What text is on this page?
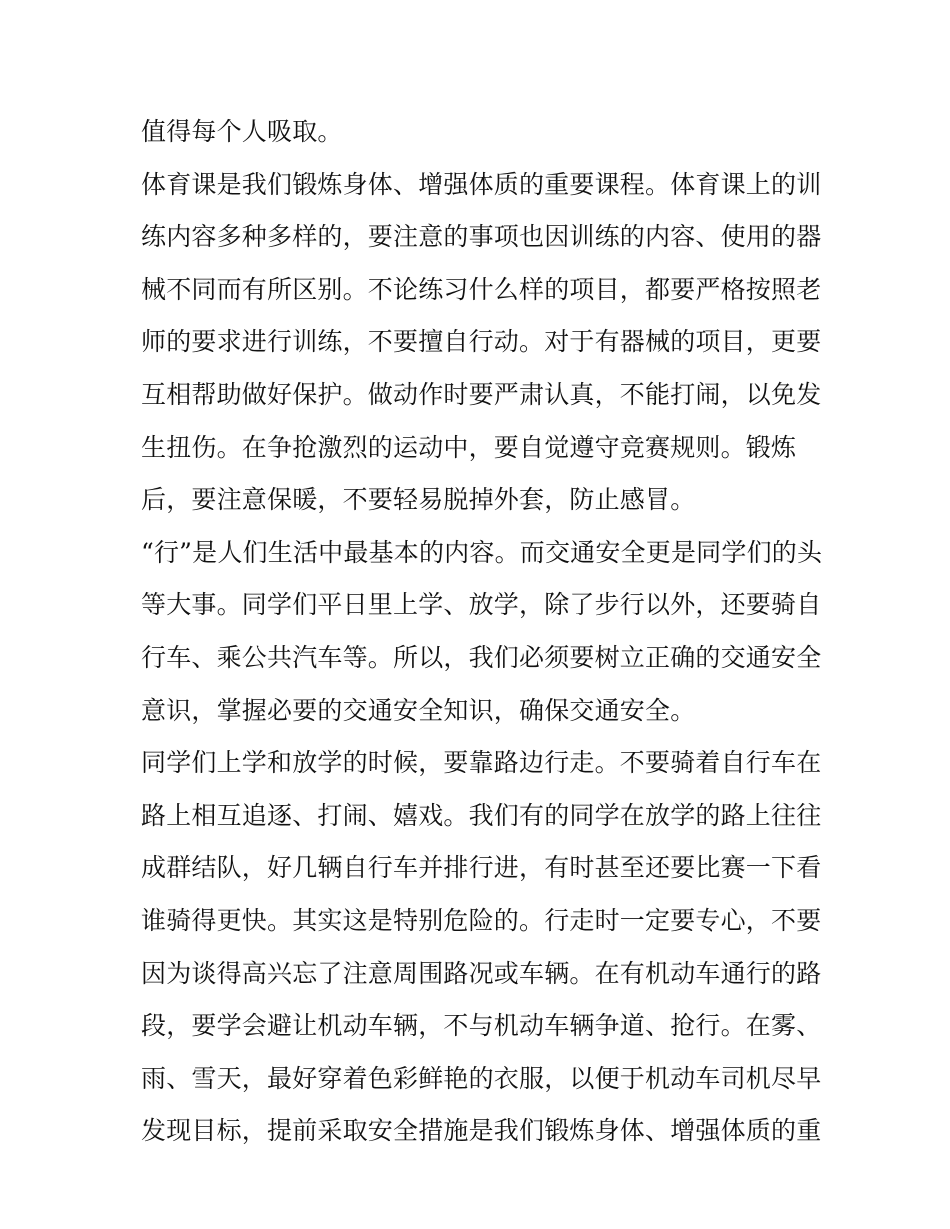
值得每个人吸取。
体育课是我们锻炼身体、增强体质的重要课程。体育课上的训
练内容多种多样的，要注意的事项也因训练的内容、使用的器
械不同而有所区别。不论练习什么样的项目，都要严格按照老
师的要求进行训练，不要擅自行动。对于有器械的项目，更要
互相帮助做好保护。做动作时要严肃认真，不能打闹，以免发
生扭伤。在争抢激烈的运动中，要自觉遵守竞赛规则。锻炼
后，要注意保暖，不要轻易脱掉外套，防止感冒。
“行”是人们生活中最基本的内容。而交通安全更是同学们的头
等大事。同学们平日里上学、放学，除了步行以外，还要骑自
行车、乘公共汽车等。所以，我们必须要树立正确的交通安全
意识，掌握必要的交通安全知识，确保交通安全。
同学们上学和放学的时候，要靠路边行走。不要骑着自行车在
路上相互追逐、打闹、嬉戏。我们有的同学在放学的路上往往
成群结队，好几辆自行车并排行进，有时甚至还要比赛一下看
谁骑得更快。其实这是特别危险的。行走时一定要专心，不要
因为谈得高兴忘了注意周围路况或车辆。在有机动车通行的路
段，要学会避让机动车辆，不与机动车辆争道、抢行。在雾、
雨、雪天，最好穿着色彩鲜艳的衣服，以便于机动车司机尽早
发现目标，提前采取安全措施是我们锻炼身体、增强体质的重
